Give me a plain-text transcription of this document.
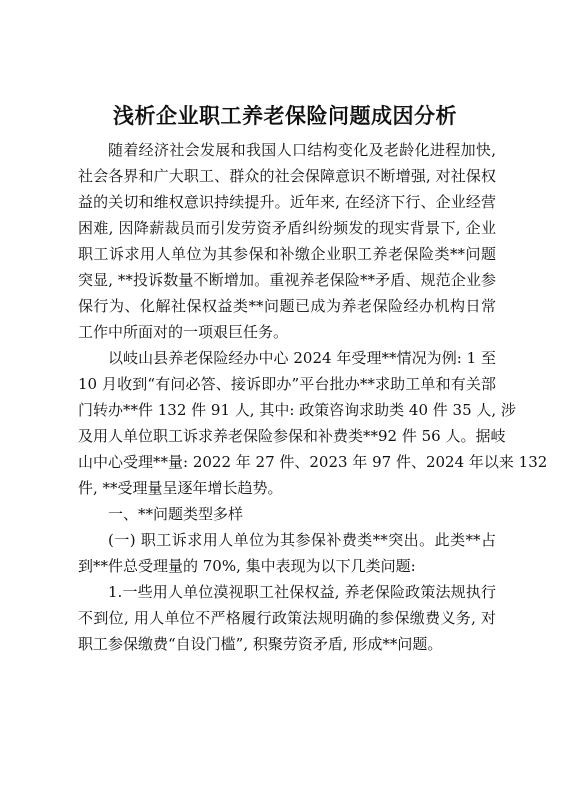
浅析企业职工养老保险问题成因分析
随着经济社会发展和我国人口结构变化及老龄化进程加快,
社会各界和广大职工、群众的社会保障意识不断增强, 对社保权
益的关切和维权意识持续提升。近年来, 在经济下行、企业经营
困难, 因降薪裁员而引发劳资矛盾纠纷频发的现实背景下, 企业
职工诉求用人单位为其参保和补缴企业职工养老保险类**问题
突显, **投诉数量不断增加。重视养老保险**矛盾、规范企业参
保行为、化解社保权益类**问题已成为养老保险经办机构日常
工作中所面对的一项艰巨任务。
以岐山县养老保险经办中心 2024 年受理**情况为例: 1 至
10 月收到“有问必答、接诉即办”平台批办**求助工单和有关部
门转办**件 132 件 91 人, 其中: 政策咨询求助类 40 件 35 人, 涉
及用人单位职工诉求养老保险参保和补费类**92 件 56 人。据岐
山中心受理**量: 2022 年 27 件、2023 年 97 件、2024 年以来 132
件, **受理量呈逐年增长趋势。
一、**问题类型多样
(一) 职工诉求用人单位为其参保补费类**突出。此类**占
到**件总受理量的 70%, 集中表现为以下几类问题:
1.一些用人单位漠视职工社保权益, 养老保险政策法规执行
不到位, 用人单位不严格履行政策法规明确的参保缴费义务, 对
职工参保缴费“自设门槛”, 积聚劳资矛盾, 形成**问题。
